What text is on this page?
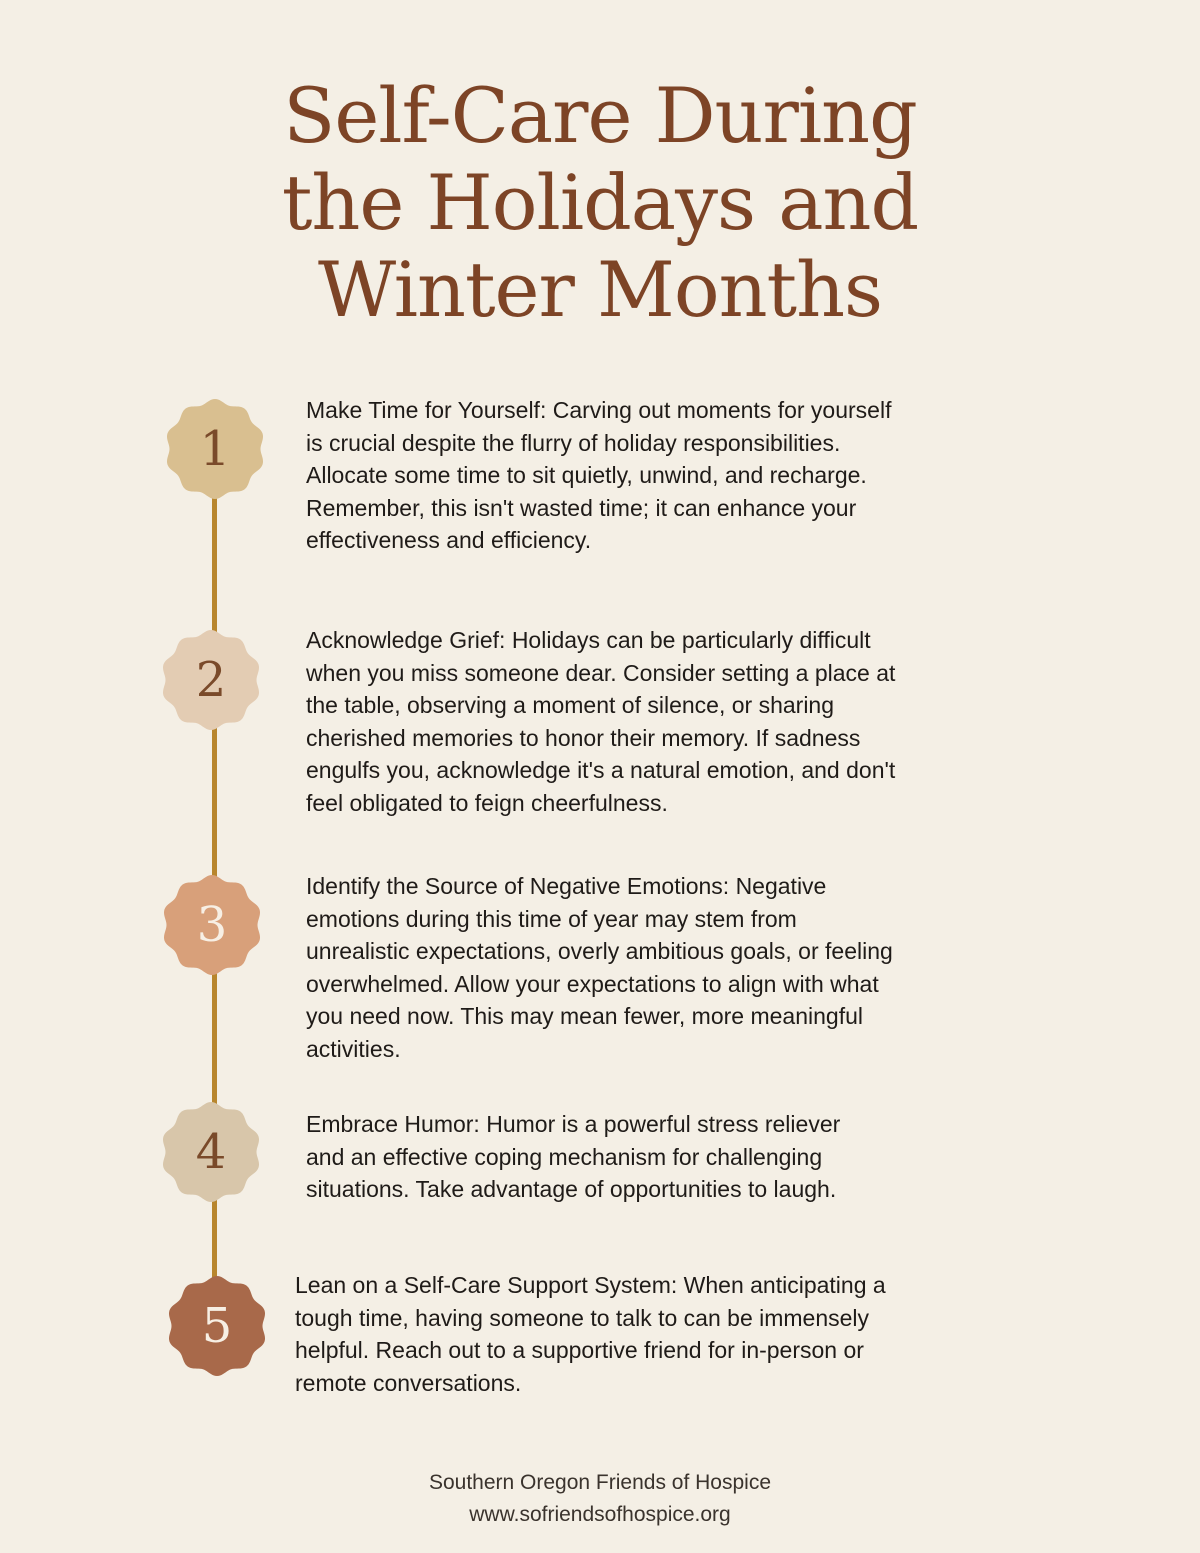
Self-Care During
the Holidays and
Winter Months
1
Make Time for Yourself: Carving out moments for yourself
is crucial despite the flurry of holiday responsibilities.
Allocate some time to sit quietly, unwind, and recharge.
Remember, this isn't wasted time; it can enhance your
effectiveness and efficiency.
2
Acknowledge Grief: Holidays can be particularly difficult
when you miss someone dear. Consider setting a place at
the table, observing a moment of silence, or sharing
cherished memories to honor their memory. If sadness
engulfs you, acknowledge it's a natural emotion, and don't
feel obligated to feign cheerfulness.
3
Identify the Source of Negative Emotions: Negative
emotions during this time of year may stem from
unrealistic expectations, overly ambitious goals, or feeling
overwhelmed. Allow your expectations to align with what
you need now. This may mean fewer, more meaningful
activities.
4	Embrace Humor: Humor is a powerful stress reliever
and an effective coping mechanism for challenging
situations. Take advantage of opportunities to laugh.
5
Lean on a Self-Care Support System: When anticipating a
tough time, having someone to talk to can be immensely
helpful. Reach out to a supportive friend for in-person or
remote conversations.
Southern Oregon Friends of Hospice
www.sofriendsofhospice.org
